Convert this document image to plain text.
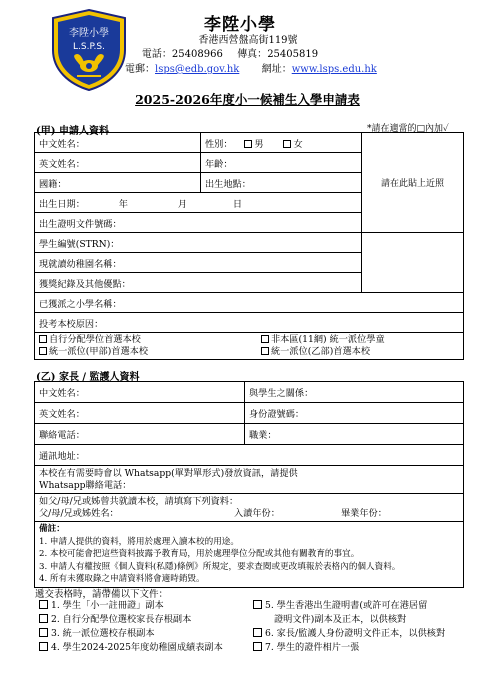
李陞小學
L.S.P.S.
李陞小學
香港西營盤高街119號
電話：25408966 傳真：25405819
電郵：lsps@edb.gov.hk 網址：www.lsps.edu.hk
2025-2026年度小一候補生入學申請表
(甲) 申請人資料	*請在適當的□內加✓
中文姓名：	性別： 男 女	請在此貼上近照
英文姓名：	年齡：	
國籍：	出生地點：	
出生日期： 年 月 日		
出生證明文件號碼：		
學生編號(STRN)：		
現就讀幼稚園名稱：		
獲獎紀錄及其他優點：		
已獲派之小學名稱：		
投考本校原因：		

自行分配學位首選本校 非本區(11網) 統一派位學童
統一派位(甲部)首選本校 統一派位(乙部)首選本校		
(乙) 家長 / 監護人資料
中文姓名：	與學生之關係：
英文姓名：	身份證號碼：
聯絡電話：	職業：
通訊地址：	

本校在有需要時會以 Whatsapp(單對單形式)發放資訊，請提供
Whatsapp聯絡電話：	

如父/母/兄或姊曾共就讀本校，請填寫下列資料：
父/母/兄或姊姓名： 入讀年份： 畢業年份：	

備註：
1. 申請人提供的資料，將用於處理入讀本校的用途。
2. 本校可能會把這些資料披露予教育局，用於處理學位分配或其他有關教育的事宜。
3. 申請人有權按照《個人資料(私隱)條例》所規定，要求查閱或更改填報於表格內的個人資料。
4. 所有未獲取錄之申請資料將會適時銷毀。	
遞交表格時，請帶備以下文件：
1. 學生「小一註冊證」副本
2. 自行分配學位選校家長存根副本
3. 統一派位選校存根副本
4. 學生2024-2025年度幼稚園成績表副本
5. 學生香港出生證明書(或許可在港居留
證明文件)副本及正本，以供核對
6. 家長/監護人身份證明文件正本，以供核對
7. 學生的證件相片一張
